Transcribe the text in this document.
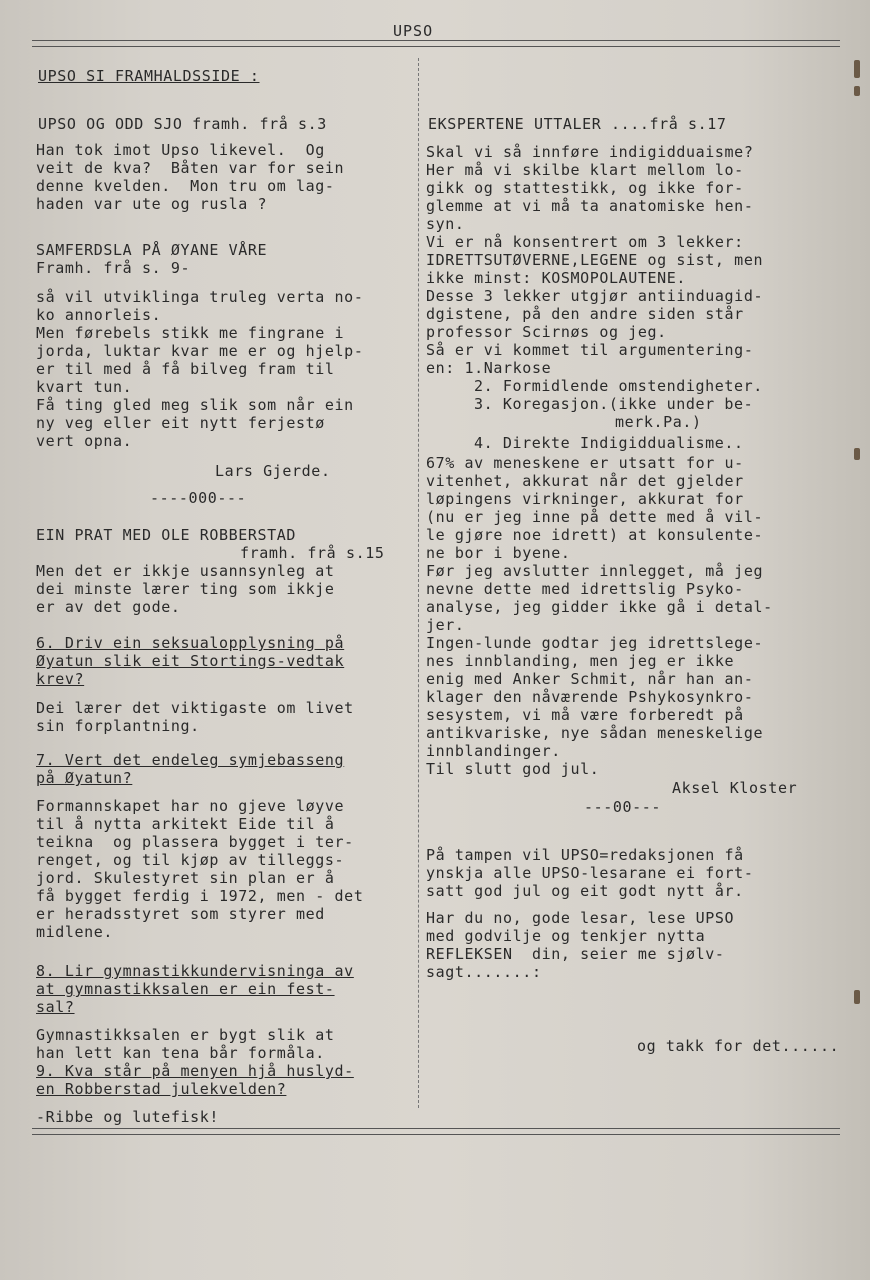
UPSO
UPSO SI FRAMHALDSSIDE :
UPSO OG ODD SJO framh. frå s.3
Han tok imot Upso likevel.  Og
veit de kva?  Båten var for sein
denne kvelden.  Mon tru om lag-
haden var ute og rusla ?
SAMFERDSLA PÅ ØYANE VÅRE
Framh. frå s. 9-
så vil utviklinga truleg verta no-
ko annorleis.
Men førebels stikk me fingrane i
jorda, luktar kvar me er og hjelp-
er til med å få bilveg fram til
kvart tun.
Få ting gled meg slik som når ein
ny veg eller eit nytt ferjestø
vert opna.
Lars Gjerde.
----000---
EIN PRAT MED OLE ROBBERSTAD
framh. frå s.15
Men det er ikkje usannsynleg at
dei minste lærer ting som ikkje
er av det gode.
6. Driv ein seksualopplysning på
Øyatun slik eit Stortings-vedtak
krev?
Dei lærer det viktigaste om livet
sin forplantning.
7. Vert det endeleg symjebasseng
på Øyatun?
Formannskapet har no gjeve løyve
til å nytta arkitekt Eide til å
teikna  og plassera bygget i ter-
renget, og til kjøp av tilleggs-
jord. Skulestyret sin plan er å
få bygget ferdig i 1972, men - det
er heradsstyret som styrer med
midlene.
8. Lir gymnastikkundervisninga av
at gymnastikksalen er ein fest-
sal?
Gymnastikksalen er bygt slik at
han lett kan tena bår formåla.
9. Kva står på menyen hjå huslyd-
en Robberstad julekvelden?
-Ribbe og lutefisk!
EKSPERTENE UTTALER ....frå s.17
Skal vi så innføre indigidduaisme?
Her må vi skilbe klart mellom lo-
gikk og stattestikk, og ikke for-
glemme at vi må ta anatomiske hen-
syn.
Vi er nå konsentrert om 3 lekker:
IDRETTSUTØVERNE,LEGENE og sist, men
ikke minst: KOSMOPOLAUTENE.
Desse 3 lekker utgjør antiinduagid-
dgistene, på den andre siden står
professor Scirnøs og jeg.
Så er vi kommet til argumentering-
en: 1.Narkose
2. Formidlende omstendigheter.
3. Koregasjon.(ikke under be-
merk.Pa.)
4. Direkte Indigiddualisme..
67% av meneskene er utsatt for u-
vitenhet, akkurat når det gjelder
løpingens virkninger, akkurat for
(nu er jeg inne på dette med å vil-
le gjøre noe idrett) at konsulente-
ne bor i byene.
Før jeg avslutter innlegget, må jeg
nevne dette med idrettslig Psyko-
analyse, jeg gidder ikke gå i detal-
jer.
Ingen-lunde godtar jeg idrettslege-
nes innblanding, men jeg er ikke
enig med Anker Schmit, når han an-
klager den nåværende Pshykosynkro-
sesystem, vi må være forberedt på
antikvariske, nye sådan meneskelige
innblandinger.
Til slutt god jul.
Aksel Kloster
---00---
På tampen vil UPSO=redaksjonen få
ynskja alle UPSO-lesarane ei fort-
satt god jul og eit godt nytt år.
Har du no, gode lesar, lese UPSO
med godvilje og tenkjer nytta
REFLEKSEN  din, seier me sjølv-
sagt.......:
og takk for det......
